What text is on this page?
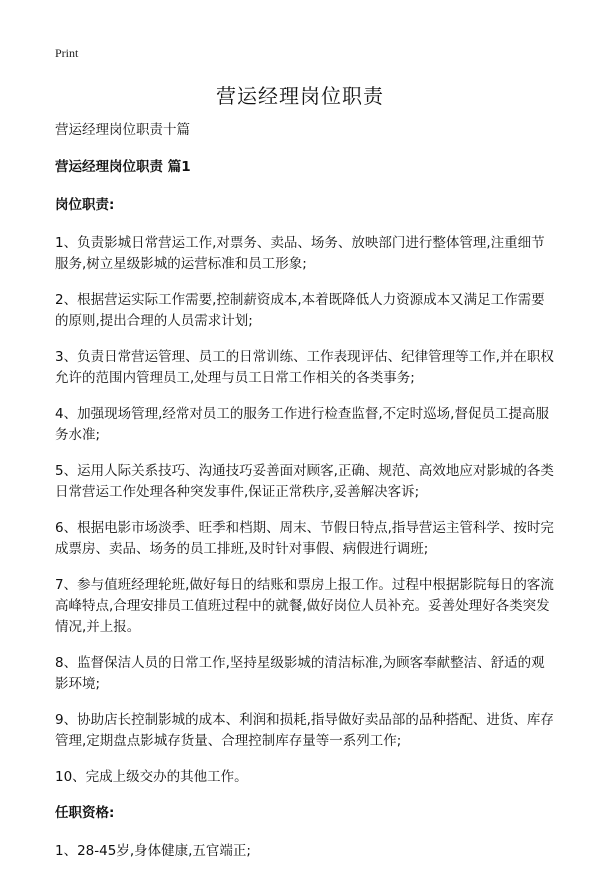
Print
营运经理岗位职责

营运经理岗位职责十篇

营运经理岗位职责 篇1

岗位职责:

1、负责影城日常营运工作,对票务、卖品、场务、放映部门进行整体管理,注重细节服务,树立星级影城的运营标准和员工形象;

2、根据营运实际工作需要,控制薪资成本,本着既降低人力资源成本又满足工作需要的原则,提出合理的人员需求计划;

3、负责日常营运管理、员工的日常训练、工作表现评估、纪律管理等工作,并在职权允许的范围内管理员工,处理与员工日常工作相关的各类事务;

4、加强现场管理,经常对员工的服务工作进行检查监督,不定时巡场,督促员工提高服务水准;

5、运用人际关系技巧、沟通技巧妥善面对顾客,正确、规范、高效地应对影城的各类日常营运工作处理各种突发事件,保证正常秩序,妥善解决客诉;

6、根据电影市场淡季、旺季和档期、周末、节假日特点,指导营运主管科学、按时完成票房、卖品、场务的员工排班,及时针对事假、病假进行调班;

7、参与值班经理轮班,做好每日的结账和票房上报工作。过程中根据影院每日的客流高峰特点,合理安排员工值班过程中的就餐,做好岗位人员补充。妥善处理好各类突发情况,并上报。

8、监督保洁人员的日常工作,坚持星级影城的清洁标准,为顾客奉献整洁、舒适的观影环境;

9、协助店长控制影城的成本、利润和损耗,指导做好卖品部的品种搭配、进货、库存管理,定期盘点影城存货量、合理控制库存量等一系列工作;

10、完成上级交办的其他工作。

任职资格:

1、28-45岁,身体健康,五官端正;
